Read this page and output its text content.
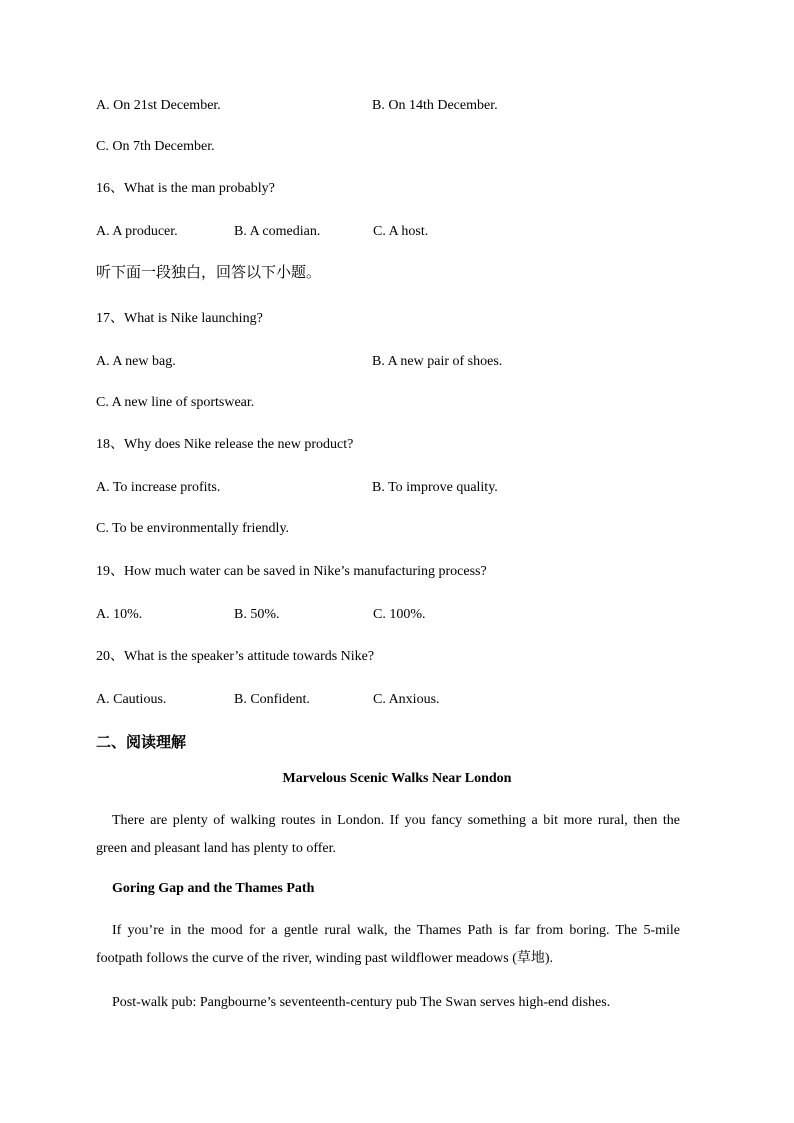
A. On 21st December.	B. On 14th December.
C. On 7th December.
16、What is the man probably?
A. A producer.	B. A comedian.	C. A host.
听下面一段独白，回答以下小题。
17、What is Nike launching?
A. A new bag.	B. A new pair of shoes.
C. A new line of sportswear.
18、Why does Nike release the new product?
A. To increase profits.	B. To improve quality.
C. To be environmentally friendly.
19、How much water can be saved in Nike’s manufacturing process?
A. 10%.	B. 50%.	C. 100%.
20、What is the speaker’s attitude towards Nike?
A. Cautious.	B. Confident.	C. Anxious.
二、阅读理解
Marvelous Scenic Walks Near London
There are plenty of walking routes in London. If you fancy something a bit more rural, then the green and pleasant land has plenty to offer.
Goring Gap and the Thames Path
If you’re in the mood for a gentle rural walk, the Thames Path is far from boring. The 5-mile footpath follows the curve of the river, winding past wildflower meadows (草地).
Post-walk pub: Pangbourne’s seventeenth-century pub The Swan serves high-end dishes.
